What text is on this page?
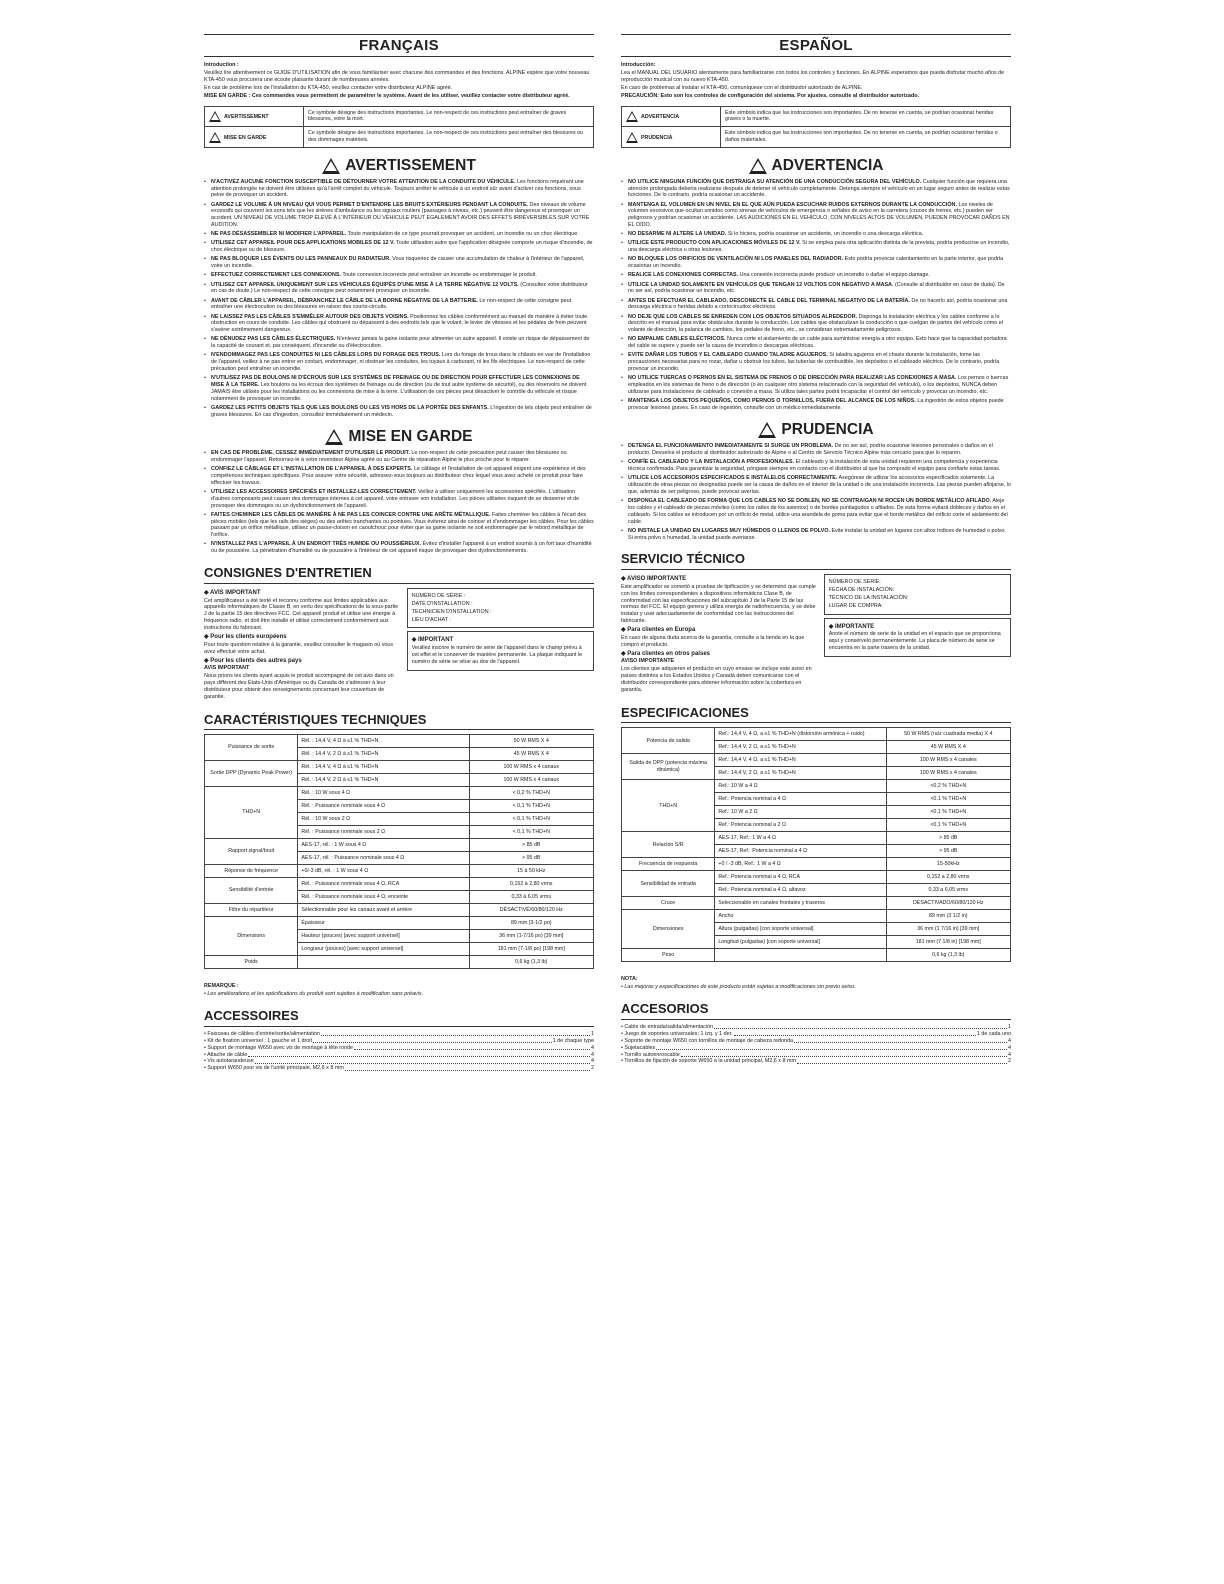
FRANÇAIS

Introduction :

Veuillez lire attentivement ce GUIDE D'UTILISATION afin de vous familiariser avec chacune des commandes et des fonctions. ALPINE espère que votre nouveau KTA-450 vous procurera une écoute plaisante durant de nombreuses années.

En cas de problème lors de l'installation du KTA-450, veuillez contacter votre distributeur ALPINE agréé.

MISE EN GARDE : Ces commandes vous permettent de paramétrer le système. Avant de les utiliser, veuillez contacter votre distributeur agréé.

AVERTISSEMENT	Ce symbole désigne des instructions importantes. Le non-respect de ces instructions peut entraîner de graves blessures, voire la mort.
MISE EN GARDE	Ce symbole désigne des instructions importantes. Le non-respect de ces instructions peut entraîner des blessures ou des dommages matériels.
AVERTISSEMENT
• N'ACTIVEZ AUCUNE FONCTION SUSCEPTIBLE DE DÉTOURNER VOTRE ATTENTION DE LA CONDUITE DU VÉHICULE. Les fonctions requérant une attention prolongée ne doivent être utilisées qu'à l'arrêt complet du véhicule. Toujours arrêter le véhicule à un endroit sûr avant d'activer ces fonctions, sous peine de provoquer un accident.
• GARDEZ LE VOLUME À UN NIVEAU QUI VOUS PERMET D'ENTENDRE LES BRUITS EXTÉRIEURS PENDANT LA CONDUITE. Des niveaux de volume excessifs qui couvrent les sons tels que les sirènes d'ambulance ou les signaux routiers (passages à niveau, etc.) peuvent être dangereux et provoquer un accident. UN NIVEAU DE VOLUME TROP ÉLEVÉ À L'INTÉRIEUR DU VÉHICULE PEUT ÉGALEMENT AVOIR DES EFFETS IRRÉVERSIBLES SUR VOTRE AUDITION.
• NE PAS DÉSASSEMBLER NI MODIFIER L'APPAREIL. Toute manipulation de ce type pourrait provoquer un accident, un incendie ou un choc électrique.
• UTILISEZ CET APPAREIL POUR DES APPLICATIONS MOBILES DE 12 V. Toute utilisation autre que l'application désignée comporte un risque d'incendie, de choc électrique ou de blessure.
• NE PAS BLOQUER LES ÉVENTS OU LES PANNEAUX DU RADIATEUR. Vous risqueriez de causer une accumulation de chaleur à l'intérieur de l'appareil, voire un incendie.
• EFFECTUEZ CORRECTEMENT LES CONNEXIONS. Toute connexion incorrecte peut entraîner un incendie ou endommager le produit.
• UTILISEZ CET APPAREIL UNIQUEMENT SUR LES VÉHICULES ÉQUIPÉS D'UNE MISE À LA TERRE NÉGATIVE 12 VOLTS. (Consultez votre distributeur en cas de doute.) Le non-respect de cette consigne peut notamment provoquer un incendie.
• AVANT DE CÂBLER L'APPAREIL, DÉBRANCHEZ LE CÂBLE DE LA BORNE NÉGATIVE DE LA BATTERIE. Le non-respect de cette consigne peut entraîner une électrocution ou des blessures en raison des courts-circuits.
• NE LAISSEZ PAS LES CÂBLES S'EMMÊLER AUTOUR DES OBJETS VOISINS. Positionnez les câbles conformément au manuel de manière à éviter toute obstruction en cours de conduite. Les câbles qui obstruent ou dépassent à des endroits tels que le volant, le levier de vitesses et les pédales de frein peuvent s'avérer extrêmement dangereux.
• NE DÉNUDEZ PAS LES CÂBLES ÉLECTRIQUES. N'enlevez jamais la gaine isolante pour alimenter un autre appareil. Il existe un risque de dépassement de la capacité de courant et, par conséquent, d'incendie ou d'électrocution.
• N'ENDOMMAGEZ PAS LES CONDUITES NI LES CÂBLES LORS DU FORAGE DES TROUS. Lors du forage de trous dans le châssis en vue de l'installation de l'appareil, veillez à ne pas entrer en contact, endommager, ni obstruer les conduites, les tuyaux à carburant, ni les fils électriques. Le non-respect de cette précaution peut entraîner un incendie.
• N'UTILISEZ PAS DE BOULONS NI D'ÉCROUS SUR LES SYSTÈMES DE FREINAGE OU DE DIRECTION POUR EFFECTUER LES CONNEXIONS DE MISE À LA TERRE. Les boulons ou les écrous des systèmes de freinage ou de direction (ou de tout autre système de sécurité), ou des réservoirs ne doivent JAMAIS être utilisés pour les installations ou les connexions de mise à la terre. L'utilisation de ces pièces peut désactiver le contrôle du véhicule et risque notamment de provoquer un incendie.
• GARDEZ LES PETITS OBJETS TELS QUE LES BOULONS OU LES VIS HORS DE LA PORTÉE DES ENFANTS. L'ingestion de tels objets peut entraîner de graves blessures. En cas d'ingestion, consultez immédiatement un médecin.
MISE EN GARDE
• EN CAS DE PROBLÈME, CESSEZ IMMÉDIATEMENT D'UTILISER LE PRODUIT. Le non-respect de cette précaution peut causer des blessures ou endommager l'appareil. Retournez-le à votre revendeur Alpine agréé ou au Centre de réparation Alpine le plus proche pour le réparer.
• CONFIEZ LE CÂBLAGE ET L'INSTALLATION DE L'APPAREIL À DES EXPERTS. Le câblage et l'installation de cet appareil exigent une expérience et des compétences techniques spécifiques. Pour assurer votre sécurité, adressez-vous toujours au distributeur chez lequel vous avez acheté ce produit pour faire effectuer les travaux.
• UTILISEZ LES ACCESSOIRES SPÉCIFIÉS ET INSTALLEZ-LES CORRECTEMENT. Veillez à utiliser uniquement les accessoires spécifiés. L'utilisation d'autres composants peut causer des dommages internes à cet appareil, voire entraver son installation. Les pièces utilisées risquent de se desserrer et de provoquer des dommages ou un dysfonctionnement de l'appareil.
• FAITES CHEMINER LES CÂBLES DE MANIÈRE À NE PAS LES COINCER CONTRE UNE ARÊTE MÉTALLIQUE. Faites cheminer les câbles à l'écart des pièces mobiles (tels que les rails des sièges) ou des arêtes tranchantes ou pointues. Vous éviterez ainsi de coincer et d'endommager les câbles. Pour les câbles passant par un orifice métallique, utilisez un passe-cloison en caoutchouc pour éviter que sa gaine isolante ne soit endommagée par le rebord métallique de l'orifice.
• N'INSTALLEZ PAS L'APPAREIL À UN ENDROIT TRÈS HUMIDE OU POUSSIÉREUX. Évitez d'installer l'appareil à un endroit soumis à un fort taux d'humidité ou de poussière. La pénétration d'humidité ou de poussière à l'intérieur de cet appareil risque de provoquer des dysfonctionnements.
CONSIGNES D'ENTRETIEN
◆ AVIS IMPORTANT

Cet amplificateur a été testé et reconnu conforme aux limites applicables aux appareils informatiques de Classe B, en vertu des spécifications de la sous-partie J de la partie 15 des directives FCC. Cet appareil produit et utilise une énergie à fréquence radio, et doit être installé et utilisé correctement conformément aux instructions du fabricant.

◆ Pour les clients européens

Pour toute question relative à la garantie, veuillez consulter le magasin où vous avez effectué votre achat.

◆ Pour les clients des autres pays

AVIS IMPORTANT

Nous prions les clients ayant acquis le produit accompagné de cet avis dans un pays différent des États-Unis d'Amérique ou du Canada de s'adresser à leur distributeur pour obtenir des renseignements concernant leur couverture de garantie.

NUMÉRO DE SÉRIE :
DATE D'INSTALLATION :
TECHNICIEN D'INSTALLATION :
LIEU D'ACHAT :
◆ IMPORTANT

Veuillez inscrire le numéro de série de l'appareil dans le champ prévu à cet effet et le conserver de manière permanente. La plaque indiquant le numéro de série se situe au dos de l'appareil.

CARACTÉRISTIQUES TECHNIQUES
Puissance de sortie	Rél. : 14,4 V, 4 Ω à ≤1 % THD+N	50 W RMS X 4
	Rél. : 14,4 V, 2 Ω à ≤1 % THD+N	45 W RMS X 4
Sortie DPP (Dynamic Peak Power)	Rél. : 14,4 V, 4 Ω à ≤1 % THD+N	100 W RMS x 4 canaux
	Rél. : 14,4 V, 2 Ω à ≤1 % THD+N	100 W RMS x 4 canaux
THD+N	Rél. : 10 W sous 4 Ω	< 0,2 % THD+N
	Rél. : Puissance nominale sous 4 Ω	< 0,1 % THD+N
	Rél. : 10 W sous 2 Ω	< 0,1 % THD+N
	Rél. : Puissance nominale sous 2 Ω	< 0,1 % THD+N
Rapport signal/bruit	AES-17, rél. : 1 W sous 4 Ω	> 85 dB
	AES-17, rél. : Puissance nominale sous 4 Ω	> 95 dB
Réponse de fréquence	+0/-3 dB, rél. : 1 W sous 4 Ω	15 à 50 kHz
Sensibilité d'entrée	Rél. : Puissance nominale sous 4 Ω, RCA	0,152 à 2,80 vrms
	Rél. : Puissance nominale sous 4 Ω, enceinte	0,33 à 6,05 vrms
Filtre du répartiteur	Sélectionnable pour les canaux avant et arrière	DÉSACTIVÉ/60/80/120 Hz
Dimensions	Épaisseur	89 mm (3-1/2 po)
	Hauteur (pouces) [avec support universel]	36 mm (1-7/16 po) [39 mm]
	Longueur (pouces) [avec support universel]	181 mm (7-1/8 po) [198 mm]
Poids		0,6 kg (1,3 lb)

REMARQUE :

• Les améliorations et les spécifications du produit sont sujettes à modification sans préavis.

ACCESSOIRES
• Faisceau de câbles d'entrée/sortie/alimentation	1
• Kit de fixation universel ; 1 gauche et 1 droit	1 de chaque type
• Support de montage W650 avec vis de montage à tête ronde	4
• Attache de câble	4
• Vis autotaraudeuse	4
• Support W650 pour vis de l'unité principale, M2,6 x 8 mm	2
ESPAÑOL

Introducción:

Lea el MANUAL DEL USUARIO atentamente para familiarizarse con todos los controles y funciones. En ALPINE esperamos que pueda disfrutar mucho años de reproducción musical con su nuevo KTA-450.

En caso de problemas al instalar el KTA-450, comuníquese con el distribuidor autorizado de ALPINE.

PRECAUCIÓN: Esto son los controles de configuración del sistema. Por ajustes, consulte al distribuidor autorizado.

ADVERTENCIA	Este símbolo indica que las instrucciones son importantes. De no tenerse en cuenta, se podrían ocasionar heridas graves o la muerte.
PRUDENCIA	Este símbolo indica que las instrucciones son importantes. De no tenerse en cuenta, se podrían ocasionar heridas o daños materiales.
ADVERTENCIA
• NO UTILICE NINGUNA FUNCIÓN QUE DISTRAIGA SU ATENCIÓN DE UNA CONDUCCIÓN SEGURA DEL VEHÍCULO. Cualquier función que requiera una atención prolongada debería realizarse después de detener el vehículo completamente. Detenga siempre el vehículo en un lugar seguro antes de realizar estas funciones. De lo contrario, podría ocasionar un accidente.
• MANTENGA EL VOLUMEN EN UN NIVEL EN EL QUE AÚN PUEDA ESCUCHAR RUIDOS EXTERNOS DURANTE LA CONDUCCIÓN. Los niveles de volumen excesivos que ocultan sonidos como sirenas de vehículos de emergencia o señales de aviso en la carretera (cruces de trenes, etc.) pueden ser peligrosos y podrían ocasionar un accidente. LAS AUDICIONES EN EL VEHÍCULO, CON NIVELES ALTOS DE VOLUMEN, PUEDEN PROVOCAR DAÑOS EN EL OÍDO.
• NO DESARME NI ALTERE LA UNIDAD. Si lo hiciera, podría ocasionar un accidente, un incendio o una descarga eléctrica.
• UTILICE ESTE PRODUCTO CON APLICACIONES MÓVILES DE 12 V. Si se emplea para otra aplicación distinta de la prevista, podría producirse un incendio, una descarga eléctrica u otras lesiones.
• NO BLOQUEE LOS ORIFICIOS DE VENTILACIÓN NI LOS PANELES DEL RADIADOR. Esto podría provocar calentamiento en la parte interior, que podría ocasionar un incendio.
• REALICE LAS CONEXIONES CORRECTAS. Una conexión incorrecta puede producir un incendio o dañar el equipo.damage.
• UTILICE LA UNIDAD SOLAMENTE EN VEHÍCULOS QUE TENGAN 12 VOLTIOS CON NEGATIVO A MASA. (Consulte al distribuidor en caso de duda). De no ser así, podría ocasionar un incendio, etc.
• ANTES DE EFECTUAR EL CABLEADO, DESCONECTE EL CABLE DEL TERMINAL NEGATIVO DE LA BATERÍA. De no hacerlo así, podría ocasionar una descarga eléctrica o heridas debido a cortocircuitos eléctricos.
• NO DEJE QUE LOS CABLES SE ENREDEN CON LOS OBJETOS SITUADOS ALREDEDOR. Disponga la instalación eléctrica y los cables conforme a lo descrito en el manual para evitar obstáculos durante la conducción. Los cables que obstaculizan la conducción o que cuelgan de partes del vehículo como el volante de dirección, la palanca de cambios, los pedales de freno, etc., se consideran extremadamente peligrosos.
• NO EMPALME CABLES ELÉCTRICOS. Nunca corte el aislamiento de un cable para suministrar energía a otro equipo. Esto hace que la capacidad portadora del cable se supere y puede ser la causa de incendios o descargas eléctricas.
• EVITE DAÑAR LOS TUBOS Y EL CABLEADO CUANDO TALADRE AGUJEROS. Si taladra agujeros en el chasis durante la instalación, tome las precauciones necesarias para no rozar, dañar u obstruir los tubos, las tuberías de combustible, los depósitos o el cableado eléctrico. De lo contrario, podría provocar un incendio.
• NO UTILICE TUERCAS O PERNOS EN EL SISTEMA DE FRENOS O DE DIRECCIÓN PARA REALIZAR LAS CONEXIONES A MASA. Los pernos o tuercas empleados en los sistemas de freno o de dirección (o en cualquier otro sistema relacionado con la seguridad del vehículo), o los depósitos, NUNCA deben utilizarse para instalaciones de cableado o conexión a masa. Si utiliza tales partes podrá incapacitar el control del vehículo y provocar un incendio, etc.
• MANTENGA LOS OBJETOS PEQUEÑOS, COMO PERNOS O TORNILLOS, FUERA DEL ALCANCE DE LOS NIÑOS. La ingestión de estos objetos puede provocar lesiones graves. En caso de ingestión, consulte con un médico inmediatamente.
PRUDENCIA
• DETENGA EL FUNCIONAMIENTO INMEDIATAMENTE SI SURGE UN PROBLEMA. De no ser así, podría ocasionar lesiones personales o daños en el producto. Devuelva el producto al distribuidor autorizado de Alpine o al Centro de Servicio Técnico Alpine más cercano para que lo reparen.
• CONFÍE EL CABLEADO Y LA INSTALACIÓN A PROFESIONALES. El cableado y la instalación de esta unidad requieren una competencia y experiencia técnica confirmada. Para garantizar la seguridad, póngase siempre en contacto con el distribuidor al que ha comprado el equipo para confiarle estas tareas.
• UTILICE LOS ACCESORIOS ESPECIFICADOS E INSTÁLELOS CORRECTAMENTE. Asegúrese de utilizar los accesorios especificados solamente. La utilización de otras piezas no designadas puede ser la causa de daños en el interior de la unidad o de una instalación incorrecta. Las piezas pueden aflojarse, lo que, además de ser peligroso, puede provocar averías.
• DISPONGA EL CABLEADO DE FORMA QUE LOS CABLES NO SE DOBLEN, NO SE CONTRAIGAN NI ROCEN UN BORDE METÁLICO AFILADO. Aleje los cables y el cableado de piezas móviles (como los raíles de los asientos) o de bordes puntiagudos o afilados. De esta forma evitará dobleces y daños en el cableado. Si los cables se introducen por un orificio de metal, utilice una arandela de goma para evitar que el borde metálico del orificio corte el aislamiento del cable.
• NO INSTALE LA UNIDAD EN LUGARES MUY HÚMEDOS O LLENOS DE POLVO. Evite instalar la unidad en lugares con altos índices de humedad o polvo. Si entra polvo o humedad, la unidad puede averiarse.
SERVICIO TÉCNICO
◆ AVISO IMPORTANTE

Este amplificador se sometió a pruebas de tipificación y se determinó que cumple con los límites correspondientes a dispositivos informáticos Clase B, de conformidad con las especificaciones del subcapítulo J de la Parte 15 de las normas del FCC. El equipo genera y utiliza energía de radiofrecuencia, y se debe instalar y usar adecuadamente de conformidad con las instrucciones del fabricante.

◆ Para clientes en Europa

En caso de alguna duda acerca de la garantía, consulte a la tienda en la que compró el producto.

◆ Para clientes en otros países

AVISO IMPORTANTE

Los clientes que adquieren el producto en cuyo envase se incluye este aviso en países distintos a los Estados Unidos y Canadá deben comunicarse con el distribuidor correspondiente para obtener información sobre la cobertura en garantía.

NÚMERO DE SERIE:
FECHA DE INSTALACIÓN:
TÉCNICO DE LA INSTALACIÓN:
LUGAR DE COMPRA:
◆ IMPORTANTE

Anote el número de serie de la unidad en el espacio que se proporciona aquí y consérvelo permanentemente. La placa de número de serie se encuentra en la parte trasera de la unidad.

ESPECIFICACIONES
Potencia de salida	Ref.: 14,4 V, 4 Ω, a ≤1 % THD+N (distorsión armónica + ruido)	50 W RMS (raíz cuadrada media) X 4
	Ref.: 14,4 V, 2 Ω, a ≤1 % THD+N	45 W RMS X 4
Salida de DPP (potencia máxima dinámica)	Ref.: 14,4 V, 4 Ω, a ≤1 % THD+N	100 W RMS x 4 canales
	Ref.: 14,4 V, 2 Ω, a ≤1 % THD+N	100 W RMS x 4 canales
THD+N	Ref.: 10 W a 4 Ω	<0,2 % THD+N
	Ref.: Potencia nominal a 4 Ω	<0.1 % THD+N
	Ref.: 10 W a 2 Ω	<0,1 % THD+N
	Ref.: Potencia nominal a 2 Ω	<0,1 % THD+N
Relación S/R	AES-17, Ref.: 1 W a 4 Ω	> 85 dB
	AES-17, Ref.: Potencia nominal a 4 Ω	> 95 dB
Frecuencia de respuesta	+0 / -3 dB, Ref.: 1 W a 4 Ω	15-50kHz
Sensibilidad de entrada	Ref.: Potencia nominal a 4 Ω, RCA	0,152 a 2,80 vrms
	Ref.: Potencia nominal a 4 Ω, altavoz	0,33 a 6,05 vrms
Cruce	Seleccionable en canales frontales y traseros	DESACTIVADO/60/80/120 Hz
Dimensiones	Ancho	89 mm (3 1/2 in)
	Altura (pulgadas) [con soporte universal]	36 mm (1 7/16 in) [39 mm]
	Longitud (pulgadas) [con soporte universal]	181 mm (7 1/8 in) [198 mm]
Peso		0,6 kg (1,3 lb)

NOTA:

• Las mejoras y especificaciones de este producto están sujetas a modificaciones sin previo aviso.

ACCESORIOS
• Cable de entrada/salida/alimentación	1
• Juego de soportes universales; 1 izq. y 1 der.	1 de cada uno
• Soporte de montaje W650 con tornillos de montaje de cabeza redonda	4
• Sujetacables	4
• Tornillo autoenroscable	4
• Tornillos de fijación de soporte W650 a la unidad principal, M2,6 x 8 mm	2
